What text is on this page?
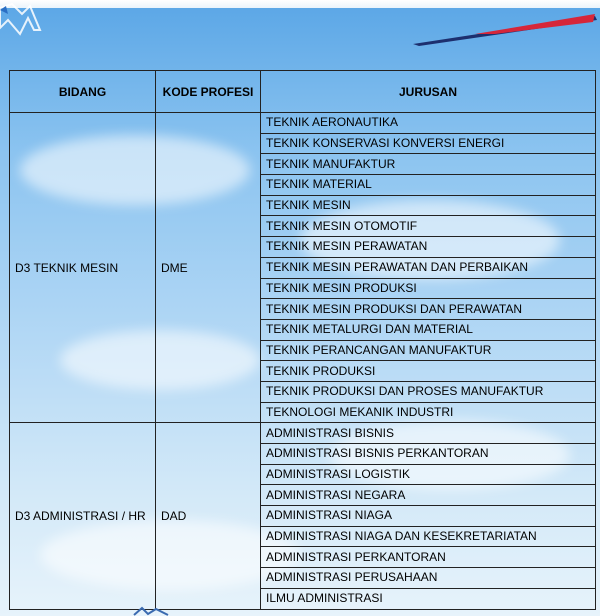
BIDANG	KODE PROFESI	JURUSAN

D3 TEKNIK MESIN	DME	TEKNIK AERONAUTIKA
		TEKNIK KONSERVASI KONVERSI ENERGI
		TEKNIK MANUFAKTUR
		TEKNIK MATERIAL
		TEKNIK MESIN
		TEKNIK MESIN OTOMOTIF
		TEKNIK MESIN PERAWATAN
		TEKNIK MESIN PERAWATAN DAN PERBAIKAN
		TEKNIK MESIN PRODUKSI
		TEKNIK MESIN PRODUKSI DAN PERAWATAN
		TEKNIK METALURGI DAN MATERIAL
		TEKNIK PERANCANGAN MANUFAKTUR
		TEKNIK PRODUKSI
		TEKNIK PRODUKSI DAN PROSES MANUFAKTUR
		TEKNOLOGI MEKANIK INDUSTRI

D3 ADMINISTRASI / HR	DAD	ADMINISTRASI BISNIS
		ADMINISTRASI BISNIS PERKANTORAN
		ADMINISTRASI LOGISTIK
		ADMINISTRASI NEGARA
		ADMINISTRASI NIAGA
		ADMINISTRASI NIAGA DAN KESEKRETARIATAN
		ADMINISTRASI PERKANTORAN
		ADMINISTRASI PERUSAHAAN
		ILMU ADMINISTRASI
